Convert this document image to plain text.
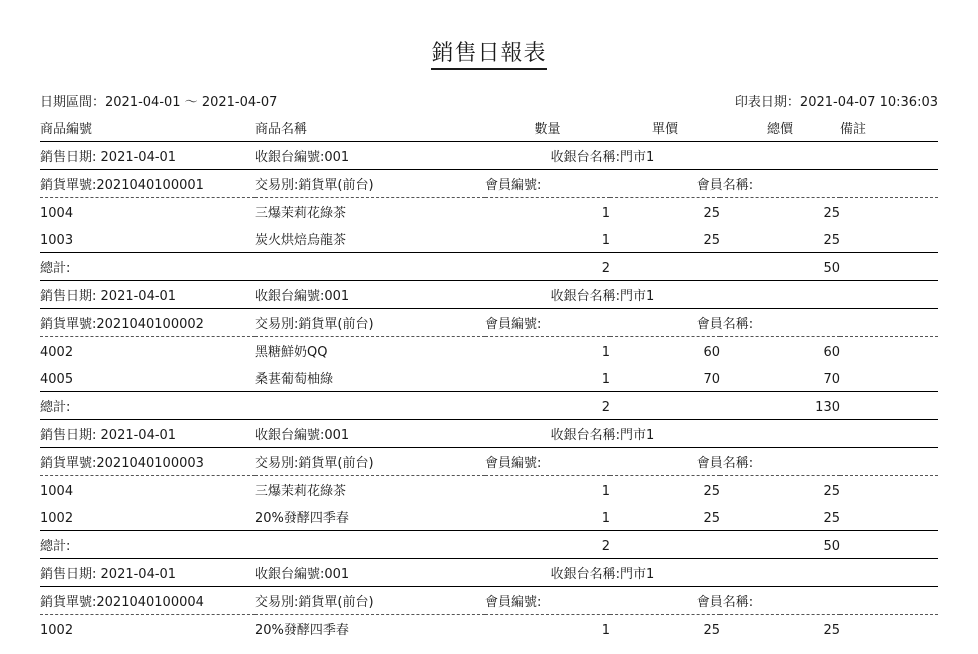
銷售日報表
日期區間：2021-04-01 ～ 2021-04-07	印表日期：2021-04-07 10:36:03
商品編號	商品名稱	數量	單價	總價	備註
銷售日期: 2021-04-01	收銀台編號:001	收銀台名稱:門市1			
銷貨單號:2021040100001	交易別:銷貨單(前台)	會員編號:	會員名稱:		
1004	三爆茉莉花綠茶	1	25	25	
1003	炭火烘焙烏龍茶	1	25	25	
總計:		2		50	
銷售日期: 2021-04-01	收銀台編號:001	收銀台名稱:門市1			
銷貨單號:2021040100002	交易別:銷貨單(前台)	會員編號:	會員名稱:		
4002	黑糖鮮奶QQ	1	60	60	
4005	桑葚葡萄柚綠	1	70	70	
總計:		2		130	
銷售日期: 2021-04-01	收銀台編號:001	收銀台名稱:門市1			
銷貨單號:2021040100003	交易別:銷貨單(前台)	會員編號:	會員名稱:		
1004	三爆茉莉花綠茶	1	25	25	
1002	20%發酵四季春	1	25	25	
總計:		2		50	
銷售日期: 2021-04-01	收銀台編號:001	收銀台名稱:門市1			
銷貨單號:2021040100004	交易別:銷貨單(前台)	會員編號:	會員名稱:		
1002	20%發酵四季春	1	25	25	
